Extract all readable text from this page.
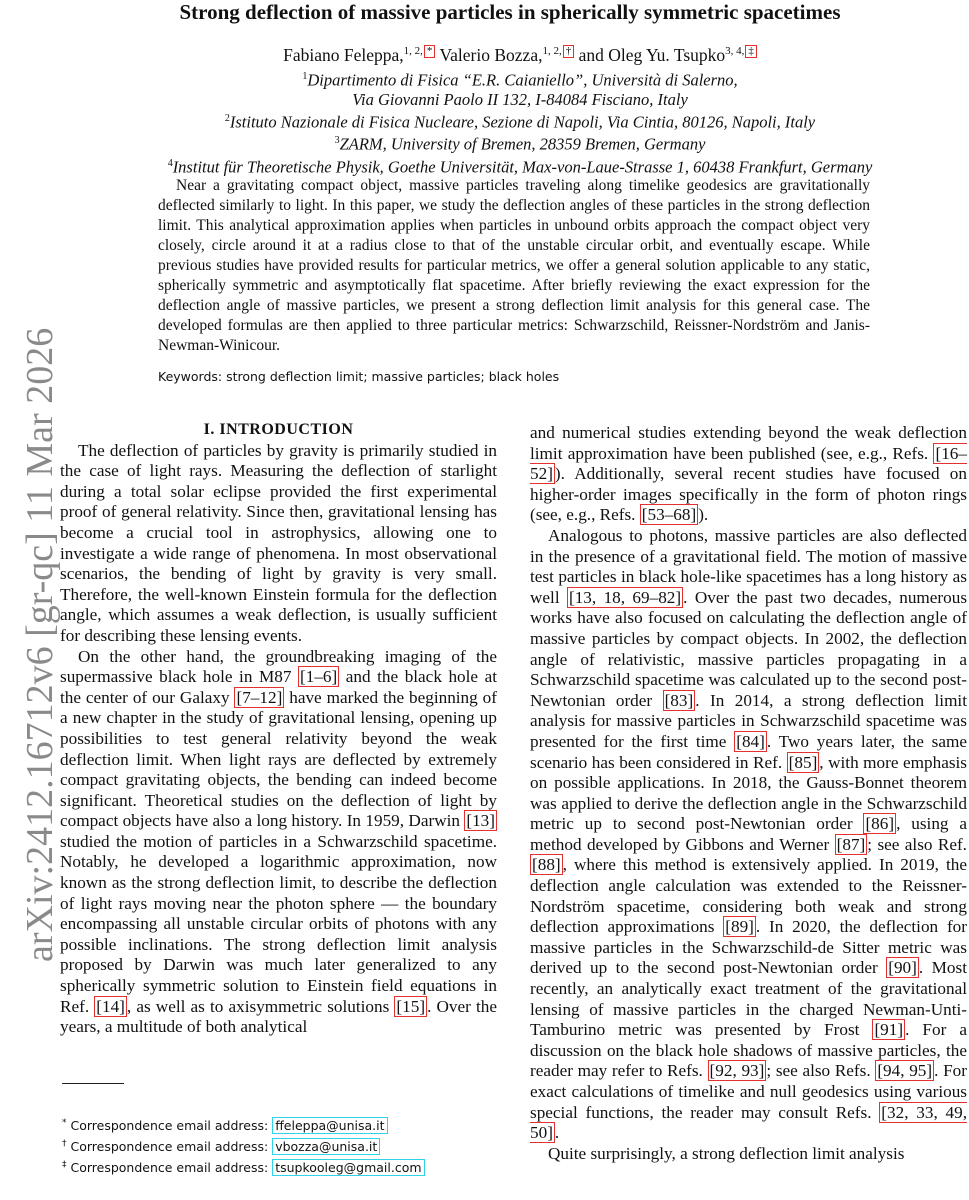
arXiv:2412.16712v6 [gr-qc] 11 Mar 2026
Strong deflection of massive particles in spherically symmetric spacetimes
Fabiano Feleppa,$^{1, 2,}$ * Valerio Bozza,$^{1, 2,}$ † and Oleg Yu. Tsupko$^{3, 4,}$ ‡
$^1$Dipartimento di Fisica “E.R. Caianiello”, Università di Salerno,
Via Giovanni Paolo II 132, I-84084 Fisciano, Italy
$^2$Istituto Nazionale di Fisica Nucleare, Sezione di Napoli, Via Cintia, 80126, Napoli, Italy
$^3$ZARM, University of Bremen, 28359 Bremen, Germany
$^4$Institut für Theoretische Physik, Goethe Universität, Max-von-Laue-Strasse 1, 60438 Frankfurt, Germany
Near a gravitating compact object, massive particles traveling along timelike geodesics are gravitationally deflected similarly to light. In this paper, we study the deflection angles of these particles in the strong deflection limit. This analytical approximation applies when particles in unbound orbits approach the compact object very closely, circle around it at a radius close to that of the unstable circular orbit, and eventually escape. While previous studies have provided results for particular metrics, we offer a general solution applicable to any static, spherically symmetric and asymptotically flat spacetime. After briefly reviewing the exact expression for the deflection angle of massive particles, we present a strong deflection limit analysis for this general case. The developed formulas are then applied to three particular metrics: Schwarzschild, Reissner-Nordström and Janis-Newman-Winicour.
Keywords: strong deflection limit; massive particles; black holes

I. INTRODUCTION

The deflection of particles by gravity is primarily studied in the case of light rays. Measuring the deflection of starlight during a total solar eclipse provided the first experimental proof of general relativity. Since then, gravitational lensing has become a crucial tool in astrophysics, allowing one to investigate a wide range of phenomena. In most observational scenarios, the bending of light by gravity is very small. Therefore, the well-known Einstein formula for the deflection angle, which assumes a weak deflection, is usually sufficient for describing these lensing events.

On the other hand, the groundbreaking imaging of the supermassive black hole in M87 [1–6] and the black hole at the center of our Galaxy [7–12] have marked the beginning of a new chapter in the study of gravitational lensing, opening up possibilities to test general relativity beyond the weak deflection limit. When light rays are deflected by extremely compact gravitating objects, the bending can indeed become significant. Theoretical studies on the deflection of light by compact objects have also a long history. In 1959, Darwin [13] studied the motion of particles in a Schwarzschild spacetime. Notably, he developed a logarithmic approximation, now known as the strong deflection limit, to describe the deflection of light rays moving near the photon sphere — the boundary encompassing all unstable circular orbits of photons with any possible inclinations. The strong deflection limit analysis proposed by Darwin was much later generalized to any spherically symmetric solution to Einstein field equations in Ref. [14] , as well as to axisymmetric solutions [15] . Over the years, a multitude of both analytical

and numerical studies extending beyond the weak deflection limit approximation have been published (see, e.g., Refs. [16–52] ). Additionally, several recent studies have focused on higher-order images specifically in the form of photon rings (see, e.g., Refs. [53–68] ).

Analogous to photons, massive particles are also deflected in the presence of a gravitational field. The motion of massive test particles in black hole-like spacetimes has a long history as well [13, 18, 69–82] . Over the past two decades, numerous works have also focused on calculating the deflection angle of massive particles by compact objects. In 2002, the deflection angle of relativistic, massive particles propagating in a Schwarzschild spacetime was calculated up to the second post-Newtonian order [83] . In 2014, a strong deflection limit analysis for massive particles in Schwarzschild spacetime was presented for the first time [84] . Two years later, the same scenario has been considered in Ref. [85] , with more emphasis on possible applications. In 2018, the Gauss-Bonnet theorem was applied to derive the deflection angle in the Schwarzschild metric up to second post-Newtonian order [86] , using a method developed by Gibbons and Werner [87] ; see also Ref. [88] , where this method is extensively applied. In 2019, the deflection angle calculation was extended to the Reissner-Nordström spacetime, considering both weak and strong deflection approximations [89] . In 2020, the deflection for massive particles in the Schwarzschild-de Sitter metric was derived up to the second post-Newtonian order [90] . Most recently, an analytically exact treatment of the gravitational lensing of massive particles in the charged Newman-Unti-Tamburino metric was presented by Frost [91] . For a discussion on the black hole shadows of massive particles, the reader may refer to Refs. [92, 93] ; see also Refs. [94, 95] . For exact calculations of timelike and null geodesics using various special functions, the reader may consult Refs. [32, 33, 49, 50] .

Quite surprisingly, a strong deflection limit analysis

* Correspondence email address: ffeleppa@unisa.it
† Correspondence email address: vbozza@unisa.it
‡ Correspondence email address: tsupkooleg@gmail.com
